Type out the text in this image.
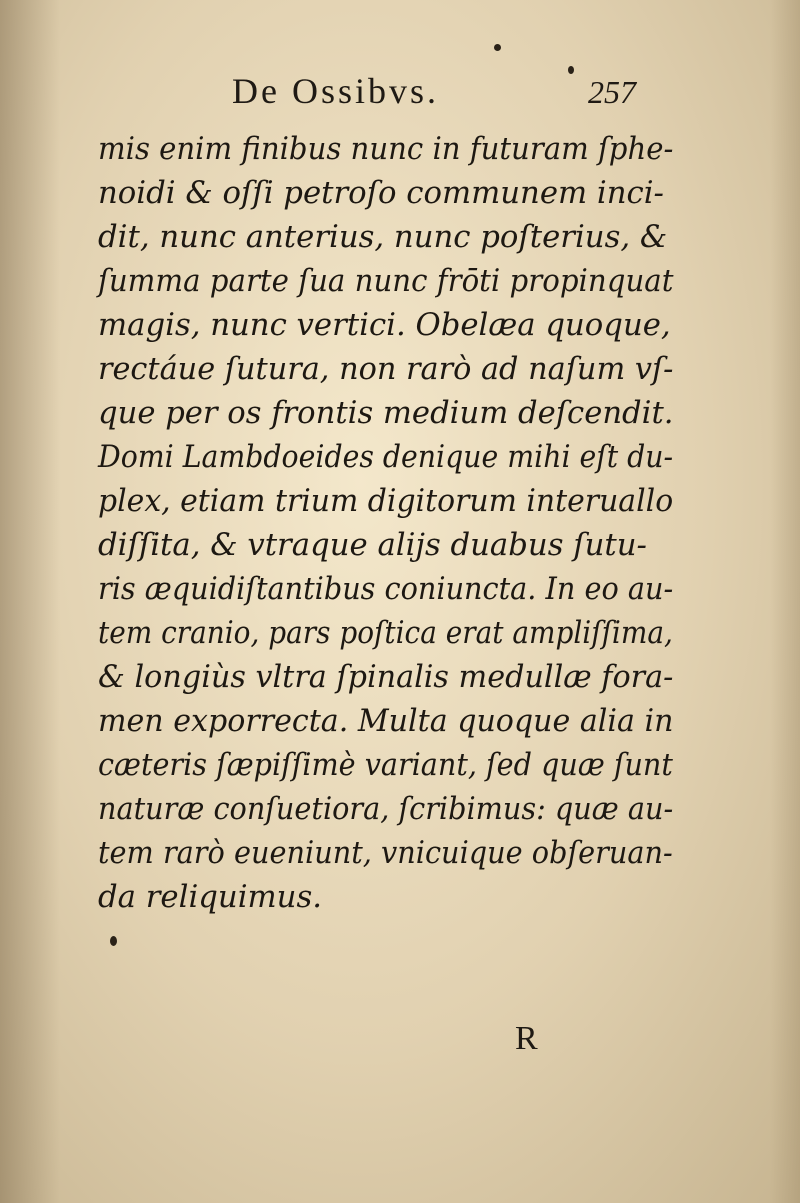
De Ossibvs.	257
mis enim finibus nunc in futuram ſphe-
noidi & oſſi petroſo communem inci-
dit, nunc anterius, nunc poſterius, &
ſumma parte ſua nunc frōti propinquat
magis, nunc vertici. Obelæa quoque,
rectáue ſutura, non rarò ad naſum vſ-
que per os frontis medium deſcendit.
Domi Lambdoeides denique mihi eſt du-
plex, etiam trium digitorum interuallo
diſſita, & vtraque alijs duabus ſutu-
ris æquidiſtantibus coniuncta. In eo au-
tem cranio, pars poſtica erat ampliſſima,
& longiùs vltra ſpinalis medullæ fora-
men exporrecta. Multa quoque alia in
cæteris ſæpiſſimè variant, ſed quæ ſunt
naturæ conſuetiora, ſcribimus: quæ au-
tem rarò eueniunt, vnicuique obſeruan-
da reliquimus.
R
